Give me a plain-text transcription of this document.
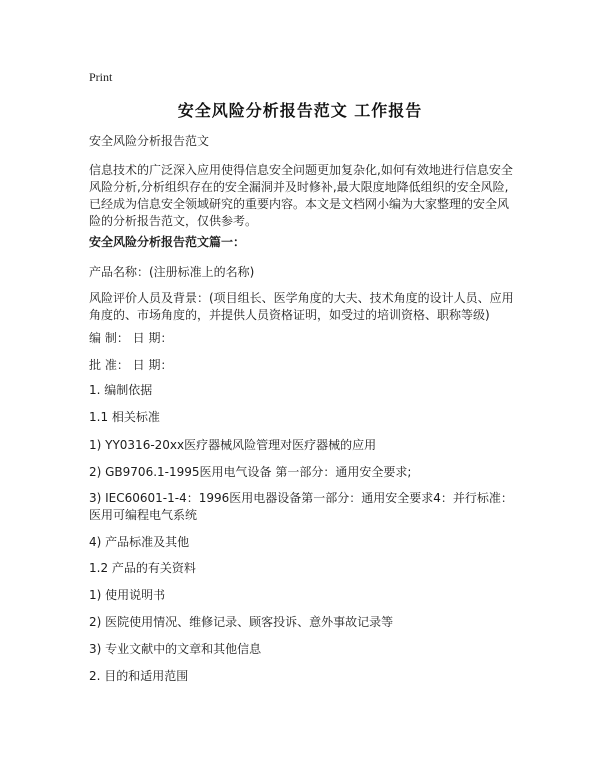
Print
安全风险分析报告范文 工作报告
安全风险分析报告范文
信息技术的广泛深入应用使得信息安全问题更加复杂化,如何有效地进行信息安全风险分析,分析组织存在的安全漏洞并及时修补,最大限度地降低组织的安全风险,已经成为信息安全领域研究的重要内容。本文是文档网小编为大家整理的安全风险的分析报告范文，仅供参考。
安全风险分析报告范文篇一：
产品名称：(注册标准上的名称)
风险评价人员及背景：(项目组长、医学角度的大夫、技术角度的设计人员、应用角度的、市场角度的，并提供人员资格证明，如受过的培训资格、职称等级)
编 制： 日 期：
批 准： 日 期：
1. 编制依据
1.1 相关标准
1) YY0316-20xx医疗器械风险管理对医疗器械的应用
2) GB9706.1-1995医用电气设备 第一部分：通用安全要求;
3) IEC60601-1-4：1996医用电器设备第一部分：通用安全要求4：并行标准：医用可编程电气系统
4) 产品标准及其他
1.2 产品的有关资料
1) 使用说明书
2) 医院使用情况、维修记录、顾客投诉、意外事故记录等
3) 专业文献中的文章和其他信息
2. 目的和适用范围
